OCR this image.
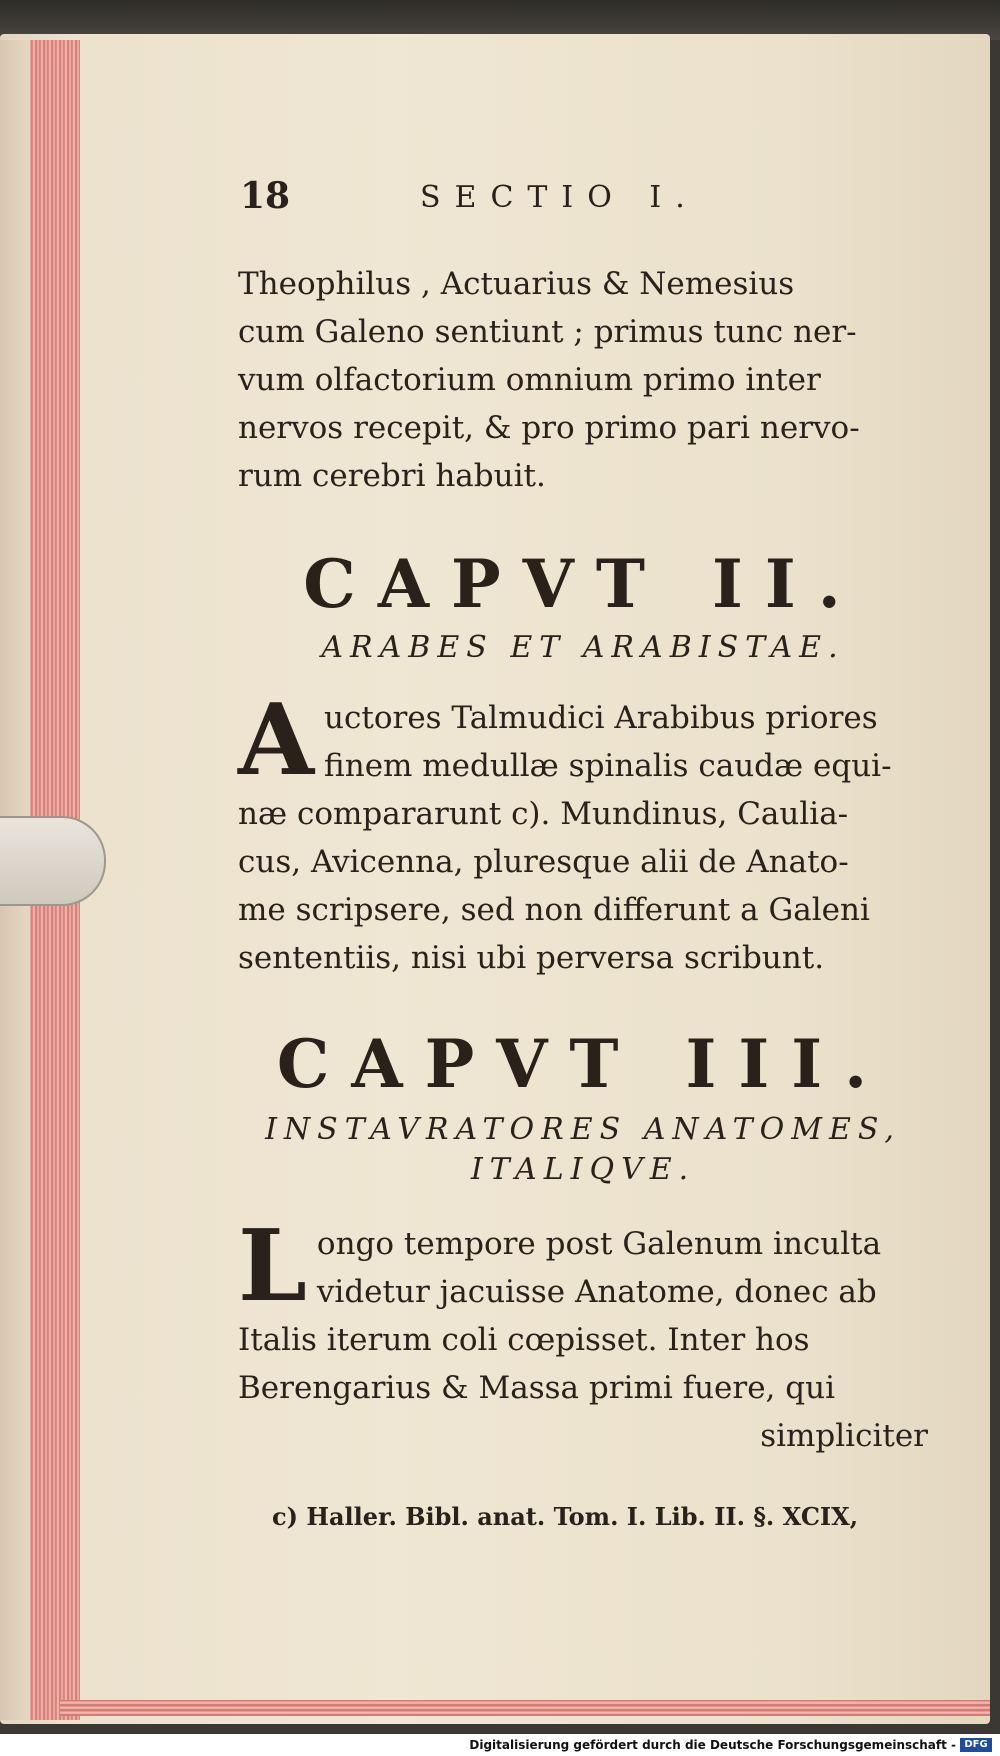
18	SECTIO I.

Theophilus , Actuarius & Nemesius

cum Galeno sentiunt ; primus tunc ner-

vum olfactorium omnium primo inter

nervos recepit, & pro primo pari nervo-

rum cerebri habuit.

CAPVT II.
ARABES ET ARABISTAE.
A uctores Talmudici Arabibus priores

finem medullæ spinalis caudæ equi-

næ compararunt c). Mundinus, Caulia-

cus, Avicenna, pluresque alii de Anato-

me scripsere, sed non differunt a Galeni

sententiis, nisi ubi perversa scribunt.

CAPVT III.
INSTAVRATORES ANATOMES,
ITALIQVE.
L ongo tempore post Galenum inculta

videtur jacuisse Anatome, donec ab

Italis iterum coli cœpisset. Inter hos

Berengarius & Massa primi fuere, qui

simpliciter

c) Haller. Bibl. anat. Tom. I. Lib. II. §. XCIX,
Digitalisierung gefördert durch die Deutsche Forschungsgemeinschaft - DFG
